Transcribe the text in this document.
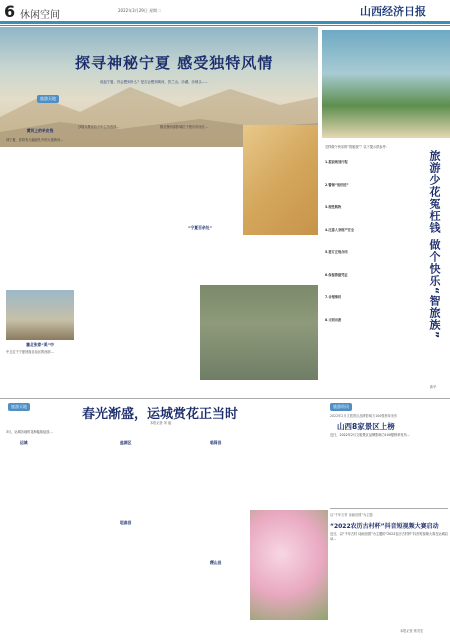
6 休闲空间	2022年3月29日 星期二	山西经济日报
探寻神秘宁夏 感受独特风情
旅游天地
说起宁夏，你会想到什么？是否会想到黄河、贺兰山、沙湖、沙坡头……
黄河上的羊皮筏
到宁夏，你将有几幅面孔中的大漠黄河…
塞北张家“美”中
中卫位于宁夏回族自治区的西部…
沙坡头景区位于中卫市西部…
“宁夏百余处”
镇北堡西部影城位于银川市西北…
旅游少花冤枉钱 做个快乐“智旅族”
怎样做个快乐的“智旅族”？以下提示供参考：
1.提前规划行程
2.警惕“低价团”
3.理性购物
4.注意人身财产安全
5.签订正规合同
6.保留票据凭证
7.合理维权
8.文明出游
新华
旅游天地
春光渐盛，运城赏花正当时
本报记者 刘 毅
3月，运城各地的花海陆续绽放…
运城	盐湖区	临猗县
垣曲县
稷山县
旅游资讯
2022年2月文旅景区品牌影响力100强榜单发布
山西8家景区上榜
近日，2022年2月文旅景区品牌影响力100强榜单发布…
以“千年古村 诗画田园”为主题
“2022农历古村杯”抖音短视频大赛启动
近日，以“千年古村 诗画田园”为主题的“2022农历古村杯”抖音短视频大赛在运城启动…
本报记者 郭亮宏
